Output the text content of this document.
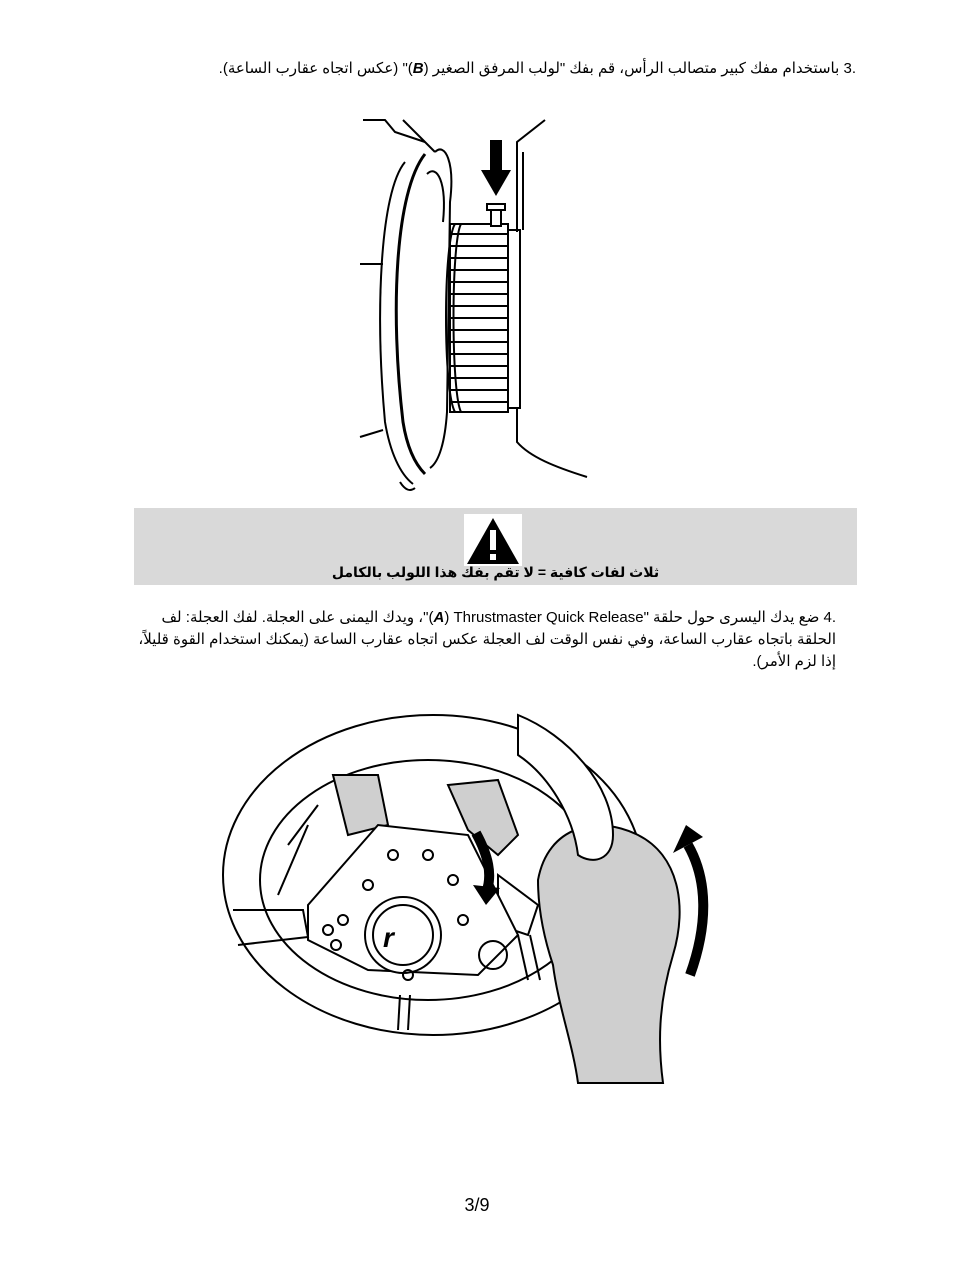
3. باستخدام مفك كبير متصالب الرأس، قم بفك "لولب المرفق الصغير (B)" (عكس اتجاه عقارب الساعة).
ثلاث لفات كافية = لا تقم بفك هذا اللولب بالكامل
4. ضع يدك اليسرى حول حلقة "Thrustmaster Quick Release (A)"، ويدك اليمنى على العجلة. لفك العجلة: لف الحلقة باتجاه عقارب الساعة، وفي نفس الوقت لف العجلة عكس اتجاه عقارب الساعة (يمكنك استخدام القوة قليلاً، إذا لزم الأمر).
r
3/9
